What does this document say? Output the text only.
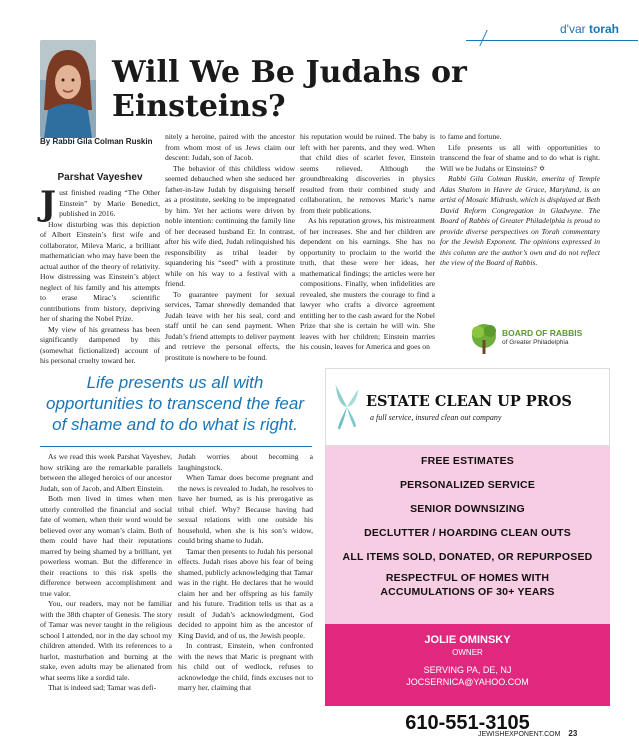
d'var torah
Will We Be Judahs or Einsteins?
By Rabbi Gila Colman Ruskin
Parshat Vayeshev

Just finished reading “The Other Einstein” by Marie Benedict, published in 2016.

How disturbing was this depiction of Albert Einstein’s first wife and collaborator, Mileva Maric, a brilliant mathematician who may have been the actual author of the theory of relativity. How distressing was Einstein’s abject neglect of his family and his attempts to erase Mirac’s scientific contributions from history, depriving her of sharing the Nobel Prize.

My view of his greatness has been significantly dampened by this (somewhat fictionalized) account of his personal cruelty toward her.

nitely a heroine, paired with the ancestor from whom most of us Jews claim our descent: Judah, son of Jacob.

The behavior of this childless widow seemed debauched when she seduced her father-in-law Judah by disguising herself as a prostitute, seeking to be impregnated by him. Yet her actions were driven by noble intention: continuing the family line of her deceased husband Er. In contrast, after his wife died, Judah relinquished his responsibility as tribal leader by squandering his “seed” with a prostitute while on his way to a festival with a friend.

To guarantee payment for sexual services, Tamar shrewdly demanded that Judah leave with her his seal, cord and staff until he can send payment. When Judah’s friend attempts to deliver payment and retrieve the personal effects, the prostitute is nowhere to be found.

his reputation would be ruined. The baby is left with her parents, and they wed. When that child dies of scarlet fever, Einstein seems relieved. Although the groundbreaking discoveries in physics resulted from their combined study and collaboration, he removes Maric’s name from their publications.

As his reputation grows, his mistreatment of her increases. She and her children are dependent on his earnings. She has no opportunity to proclaim to the world the truth, that these were her ideas, her mathematical findings; the articles were her compositions. Finally, when infidelities are revealed, she musters the courage to find a lawyer who crafts a divorce agreement entitling her to the cash award for the Nobel Prize that she is certain he will win. She leaves with her children; Einstein marries his cousin, leaves for America and goes on

to fame and fortune.

Life presents us all with opportunities to transcend the fear of shame and to do what is right. Will we be Judahs or Einsteins? ✡

Rabbi Gila Colman Ruskin, emerita of Temple Adas Shalom in Havre de Grace, Maryland, is an artist of Mosaic Midrash, which is displayed at Beth David Reform Congregation in Gladwyne. The Board of Rabbis of Greater Philadelphia is proud to provide diverse perspectives on Torah commentary for the Jewish Exponent. The opinions expressed in this column are the author’s own and do not reflect the view of the Board of Rabbis.

BOARD OF RABBIS
of Greater Philadelphia
Life presents us all with opportunities to transcend the fear of shame and to do what is right.

As we read this week Parshat Vayeshev, how striking are the remarkable parallels between the alleged heroics of our ancestor Judah, son of Jacob, and Albert Einstein.

Both men lived in times when men utterly controlled the financial and social fate of women, when their word would be believed over any woman’s claim. Both of them could have had their reputations marred by being shamed by a brilliant, yet powerless woman. But the difference in their reactions to this risk spells the difference between accomplishment and true valor.

You, our readers, may not be familiar with the 38th chapter of Genesis. The story of Tamar was never taught in the religious school I attended, nor in the day school my children attended. With its references to a harlot, masturbation and burning at the stake, even adults may be alienated from what seems like a sordid tale.

That is indeed sad; Tamar was defi-

Judah worries about becoming a laughingstock.

When Tamar does become pregnant and the news is revealed to Judah, he resolves to have her burned, as is his prerogative as tribal chief. Why? Because having had sexual relations with one outside his household, when she is his son’s widow, could bring shame to Judah.

Tamar then presents to Judah his personal effects. Judah rises above his fear of being shamed, publicly acknowledging that Tamar was in the right. He declares that he would claim her and her offspring as his family and his future. Tradition tells us that as a result of Judah’s acknowledgment, God decided to appoint him as the ancestor of King David, and of us, the Jewish people.

In contrast, Einstein, when confronted with the news that Maric is pregnant with his child out of wedlock, refuses to acknowledge the child, finds excuses not to marry her, claiming that

ESTATE CLEAN UP PROS
a full service, insured clean out company
FREE ESTIMATES
PERSONALIZED SERVICE
SENIOR DOWNSIZING
DECLUTTER / HOARDING CLEAN OUTS
ALL ITEMS SOLD, DONATED, OR REPURPOSED
RESPECTFUL OF HOMES WITH ACCUMULATIONS OF 30+ YEARS
JOLIE OMINSKY
OWNER
SERVING PA, DE, NJ
JOCSERNICA@YAHOO.COM
610-551-3105
JEWISHEXPONENT.COM 23
